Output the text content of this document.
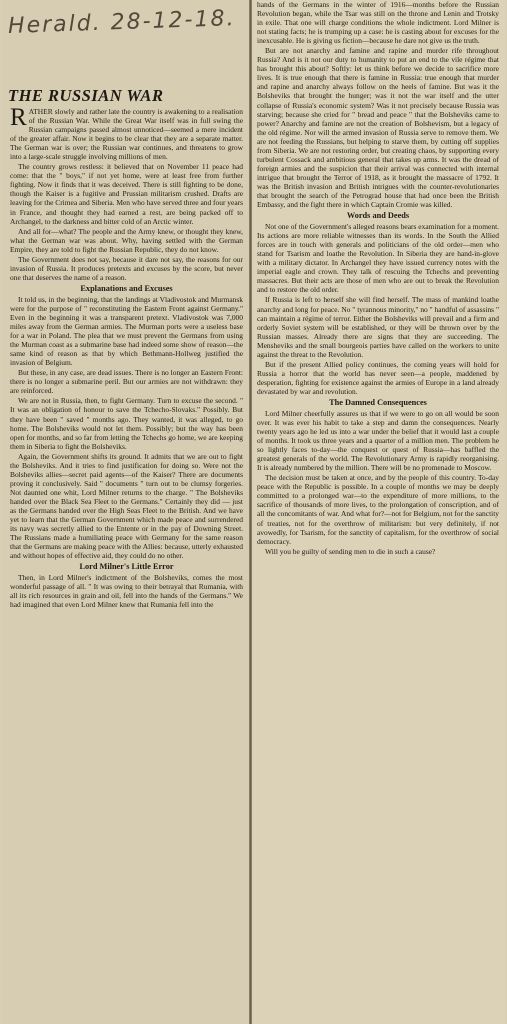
Herald. 28-12-18.
THE RUSSIAN WAR

RATHER slowly and rather late the country is awakening to a realisation of the Russian War. While the Great War itself was in full swing the Russian campaigns passed almost unnoticed—seemed a mere incident of the greater affair. Now it begins to be clear that they are a separate matter. The German war is over; the Russian war continues, and threatens to grow into a large-scale struggle involving millions of men.

The country grows restless: it believed that on November 11 peace had come: that the " boys," if not yet home, were at least free from further fighting. Now it finds that it was deceived. There is still fighting to be done, though the Kaiser is a fugitive and Prussian militarism crushed. Drafts are leaving for the Crimea and Siberia. Men who have served three and four years in France, and thought they had earned a rest, are being packed off to Archangel, to the darkness and bitter cold of an Arctic winter.

And all for—what? The people and the Army knew, or thought they knew, what the German war was about. Why, having settled with the German Empire, they are told to fight the Russian Republic, they do not know.

The Government does not say, because it dare not say, the reasons for our invasion of Russia. It produces pretexts and excuses by the score, but never one that deserves the name of a reason.

Explanations and Excuses

It told us, in the beginning, that the landings at Vladivostok and Murmansk were for the purpose of " reconstituting the Eastern Front against Germany." Even in the beginning it was a transparent pretext. Vladivostok was 7,000 miles away from the German armies. The Murman ports were a useless base for a war in Poland. The plea that we must prevent the Germans from using the Murman coast as a submarine base had indeed some show of reason—the same kind of reason as that by which Bethmann-Hollweg justified the invasion of Belgium.

But these, in any case, are dead issues. There is no longer an Eastern Front: there is no longer a submarine peril. But our armies are not withdrawn: they are reinforced.

We are not in Russia, then, to fight Germany. Turn to excuse the second. " It was an obligation of honour to save the Tchecho-Slovaks." Possibly. But they have been " saved " months ago. They wanted, it was alleged, to go home. The Bolsheviks would not let them. Possibly; but the way has been open for months, and so far from letting the Tchechs go home, we are keeping them in Siberia to fight the Bolsheviks.

Again, the Government shifts its ground. It admits that we are out to fight the Bolsheviks. And it tries to find justification for doing so. Were not the Bolsheviks allies—secret paid agents—of the Kaiser? There are documents proving it conclusively. Said " documents " turn out to be clumsy forgeries. Not daunted one whit, Lord Milner returns to the charge. " The Bolsheviks handed over the Black Sea Fleet to the Germans." Certainly they did — just as the Germans handed over the High Seas Fleet to the British. And we have yet to learn that the German Government which made peace and surrendered its navy was secretly allied to the Entente or in the pay of Downing Street. The Russians made a humiliating peace with Germany for the same reason that the Germans are making peace with the Allies: because, utterly exhausted and without hopes of effective aid, they could do no other.

Lord Milner's Little Error

Then, in Lord Milner's indictment of the Bolsheviks, comes the most wonderful passage of all. " It was owing to their betrayal that Rumania, with all its rich resources in grain and oil, fell into the hands of the Germans." We had imagined that even Lord Milner knew that Rumania fell into the

hands of the Germans in the winter of 1916—months before the Russian Revolution began, while the Tsar was still on the throne and Lenin and Trotsky in exile. That one will charge conditions the whole indictment. Lord Milner is not stating facts; he is trumping up a case: he is casting about for excuses for the inexcusable. He is giving us fiction—because he dare not give us the truth.

But are not anarchy and famine and rapine and murder rife throughout Russia? And is it not our duty to humanity to put an end to the vile régime that has brought this about? Softly: let us think before we decide to sacrifice more lives. It is true enough that there is famine in Russia: true enough that murder and rapine and anarchy always follow on the heels of famine. But was it the Bolsheviks that brought the hunger; was it not the war itself and the utter collapse of Russia's economic system? Was it not precisely because Russia was starving; because she cried for " bread and peace " that the Bolsheviks came to power? Anarchy and famine are not the creation of Bolshevism, but a legacy of the old régime. Nor will the armed invasion of Russia serve to remove them. We are not feeding the Russians, but helping to starve them, by cutting off supplies from Siberia. We are not restoring order, but creating chaos, by supporting every turbulent Cossack and ambitious general that takes up arms. It was the dread of foreign armies and the suspicion that their arrival was connected with internal intrigue that brought the Terror of 1918, as it brought the massacre of 1792. It was the British invasion and British intrigues with the counter-revolutionaries that brought the search of the Petrograd house that had once been the British Embassy, and the fight there in which Captain Cromie was killed.

Words and Deeds

Not one of the Government's alleged reasons bears examination for a moment. Its actions are more reliable witnesses than its words. In the South the Allied forces are in touch with generals and politicians of the old order—men who stand for Tsarism and loathe the Revolution. In Siberia they are hand-in-glove with a military dictator. In Archangel they have issued currency notes with the imperial eagle and crown. They talk of rescuing the Tchechs and preventing massacres. But their acts are those of men who are out to break the Revolution and to restore the old order.

If Russia is left to herself she will find herself. The mass of mankind loathe anarchy and long for peace. No " tyrannous minority," no " handful of assassins " can maintain a régime of terror. Either the Bolsheviks will prevail and a firm and orderly Soviet system will be established, or they will be thrown over by the Russian masses. Already there are signs that they are succeeding. The Mensheviks and the small bourgeois parties have called on the workers to unite against the threat to the Revolution.

But if the present Allied policy continues, the coming years will hold for Russia a horror that the world has never seen—a people, maddened by desperation, fighting for existence against the armies of Europe in a land already devastated by war and revolution.

The Damned Consequences

Lord Milner cheerfully assures us that if we were to go on all would be soon over. It was ever his habit to take a step and damn the consequences. Nearly twenty years ago he led us into a war under the belief that it would last a couple of months. It took us three years and a quarter of a million men. The problem he so lightly faces to-day—the conquest or quest of Russia—has baffled the greatest generals of the world. The Revolutionary Army is rapidly reorganising. It is already numbered by the million. There will be no promenade to Moscow.

The decision must be taken at once, and by the people of this country. To-day peace with the Republic is possible. In a couple of months we may be deeply committed to a prolonged war—to the expenditure of more millions, to the sacrifice of thousands of more lives, to the prolongation of conscription, and of all the concomitants of war. And what for?—not for Belgium, not for the sanctity of treaties, not for the overthrow of militarism: but very definitely, if not avowedly, for Tsarism, for the sanctity of capitalism, for the overthrow of social democracy.

Will you be guilty of sending men to die in such a cause?
